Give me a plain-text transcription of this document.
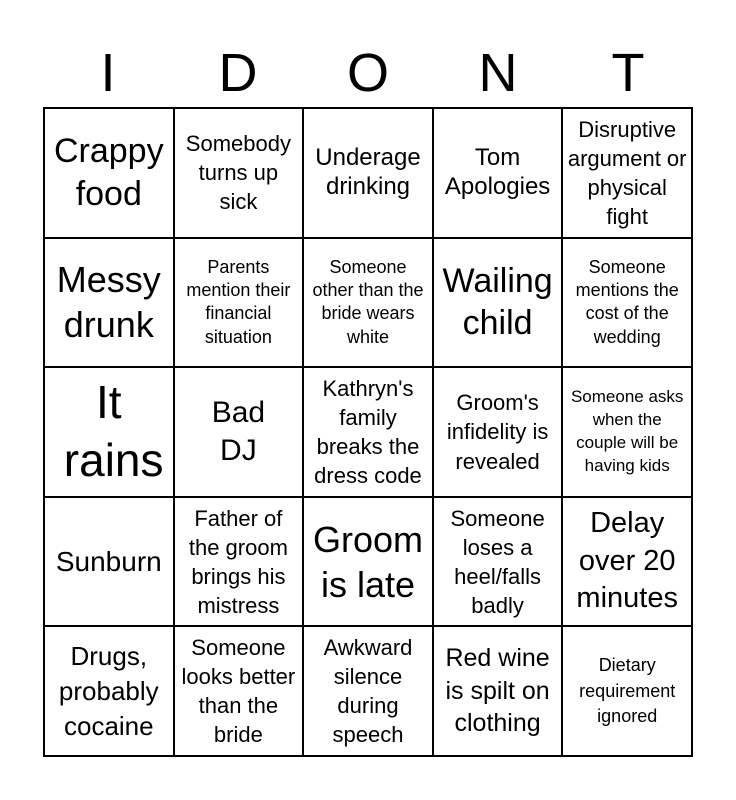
I	D	O	N	T
Crappy food
Somebody turns up sick
Underage drinking
Tom Apologies
Disruptive argument or physical fight
Messy drunk
Parents mention their financial situation
Someone other than the bride wears white
Wailing child
Someone mentions the cost of the wedding
It rains
Bad DJ
Kathryn's family breaks the dress code
Groom's infidelity is revealed
Someone asks when the couple will be having kids
Sunburn
Father of the groom brings his mistress
Groom is late
Someone loses a heel/falls badly
Delay over 20 minutes
Drugs, probably cocaine
Someone looks better than the bride
Awkward silence during speech
Red wine is spilt on clothing
Dietary requirement ignored
